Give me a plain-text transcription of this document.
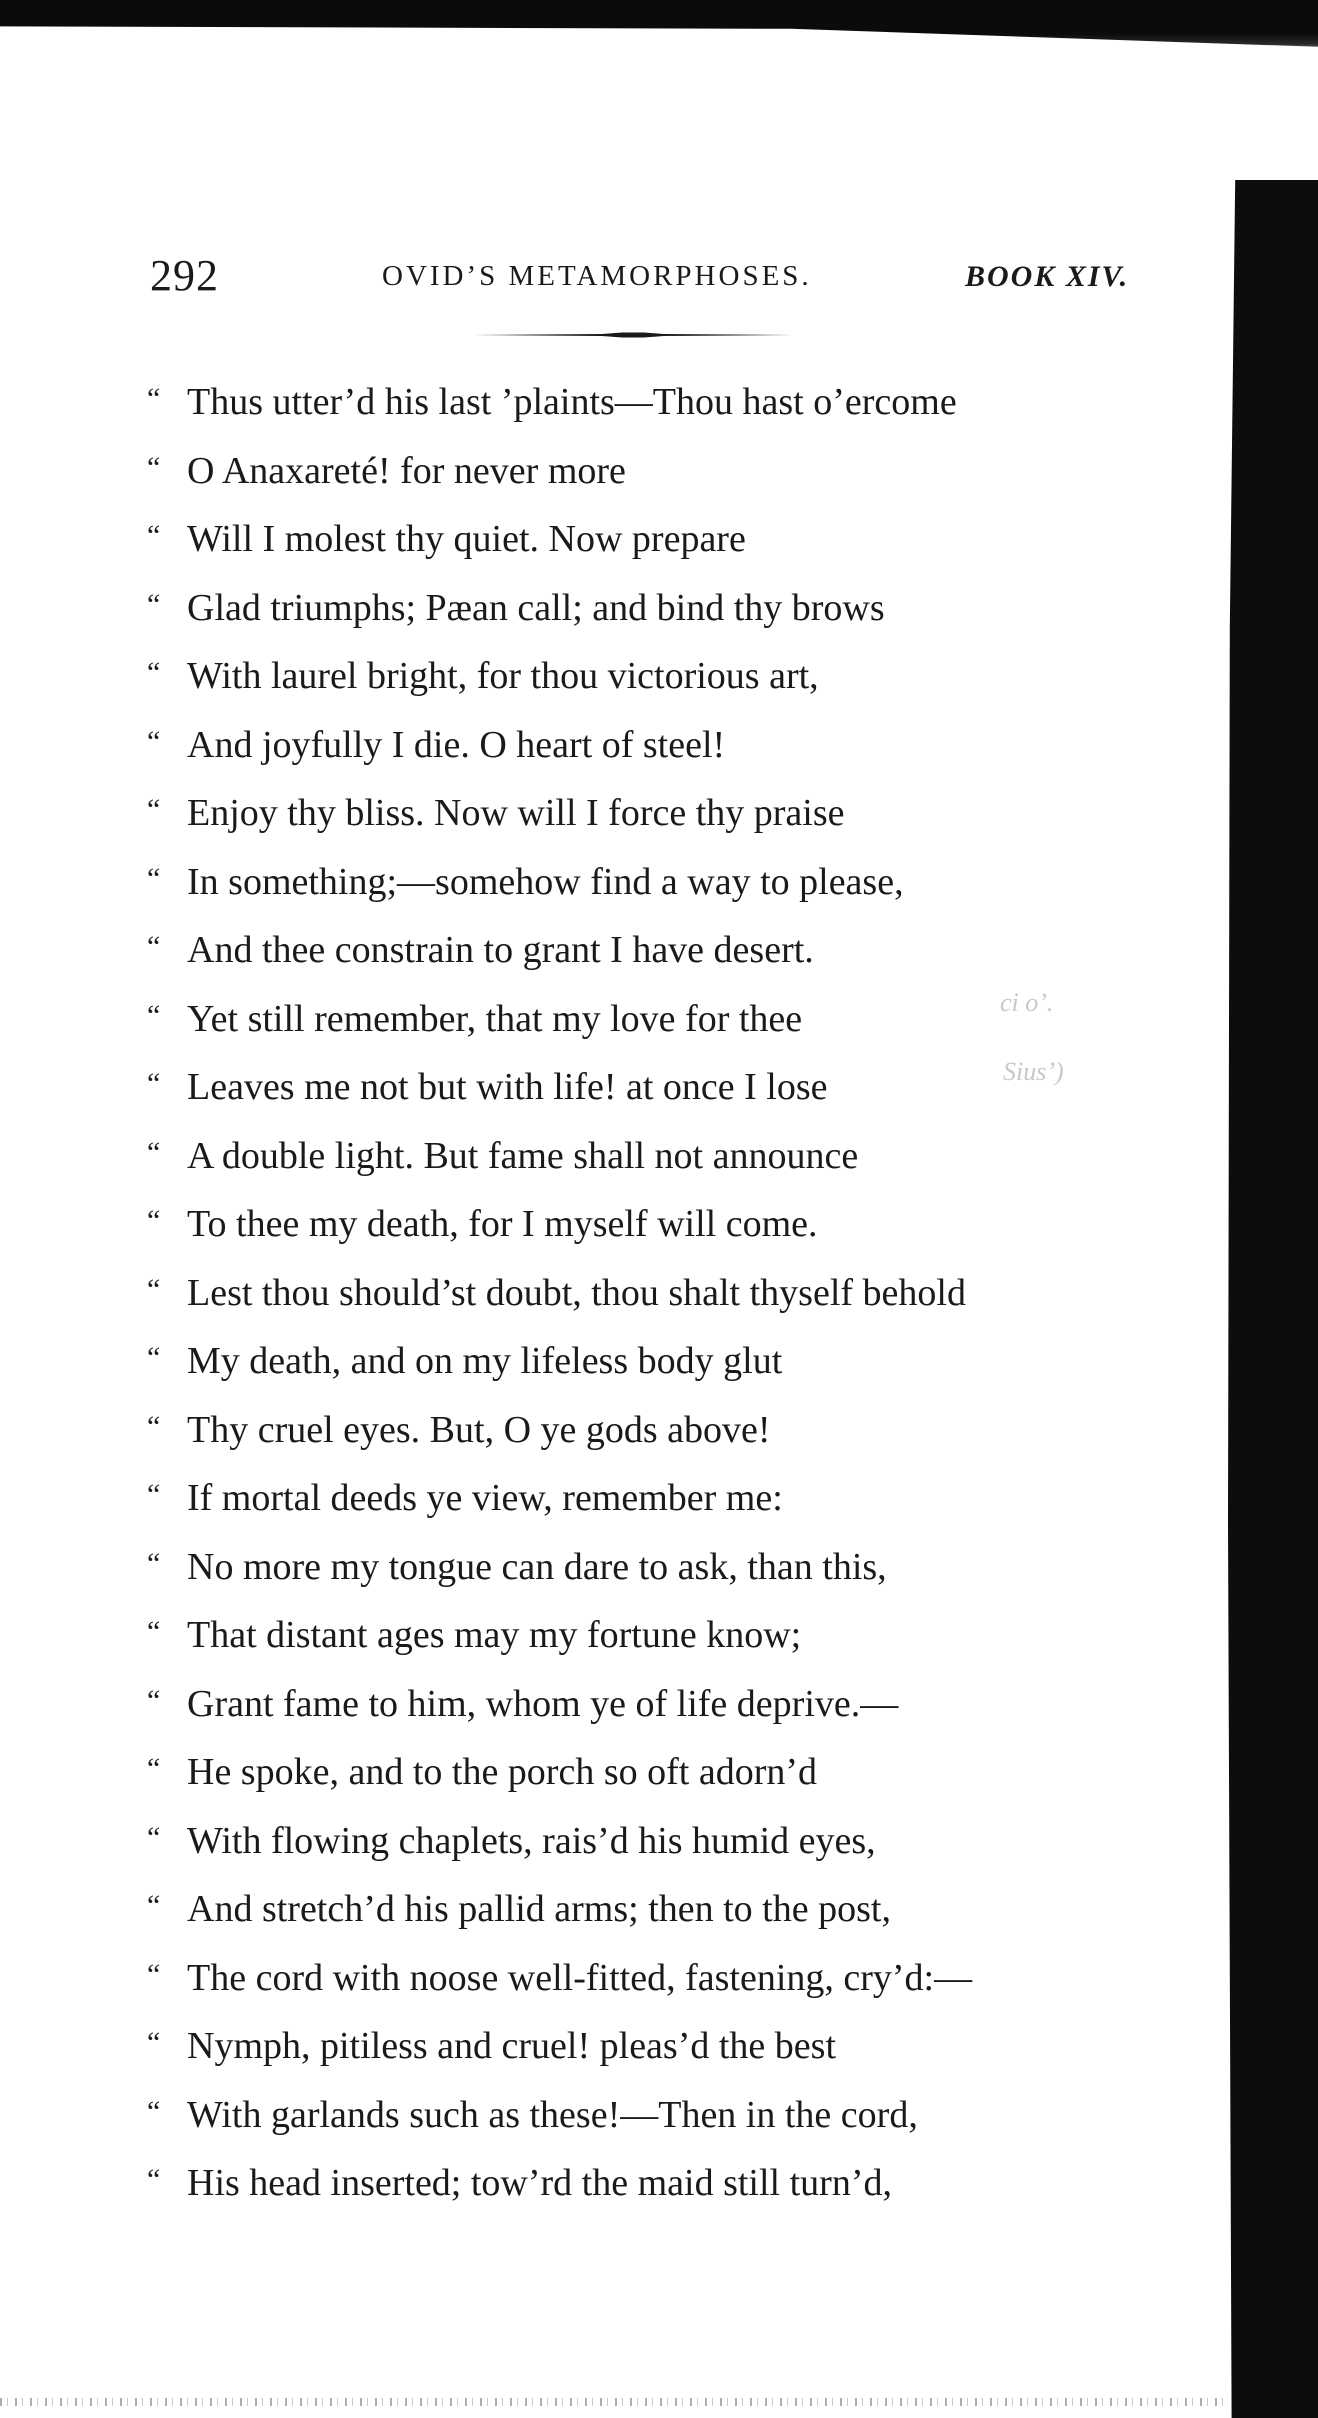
292	OVID’S METAMORPHOSES.	BOOK XIV.
“ Thus utter’d his last ’plaints—Thou hast o’ercome
“ O Anaxareté! for never more
“ Will I molest thy quiet. Now prepare
“ Glad triumphs; Pæan call; and bind thy brows
“ With laurel bright, for thou victorious art,
“ And joyfully I die. O heart of steel!
“ Enjoy thy bliss. Now will I force thy praise
“ In something;—somehow find a way to please,
“ And thee constrain to grant I have desert.
“ Yet still remember, that my love for thee
“ Leaves me not but with life! at once I lose
“ A double light. But fame shall not announce
“ To thee my death, for I myself will come.
“ Lest thou should’st doubt, thou shalt thyself behold
“ My death, and on my lifeless body glut
“ Thy cruel eyes. But, O ye gods above!
“ If mortal deeds ye view, remember me:
“ No more my tongue can dare to ask, than this,
“ That distant ages may my fortune know;
“ Grant fame to him, whom ye of life deprive.—
“ He spoke, and to the porch so oft adorn’d
“ With flowing chaplets, rais’d his humid eyes,
“ And stretch’d his pallid arms; then to the post,
“ The cord with noose well-fitted, fastening, cry’d:—
“ Nymph, pitiless and cruel! pleas’d the best
“ With garlands such as these!—Then in the cord,
“ His head inserted; tow’rd the maid still turn’d,
ci o’.
Sius’)
